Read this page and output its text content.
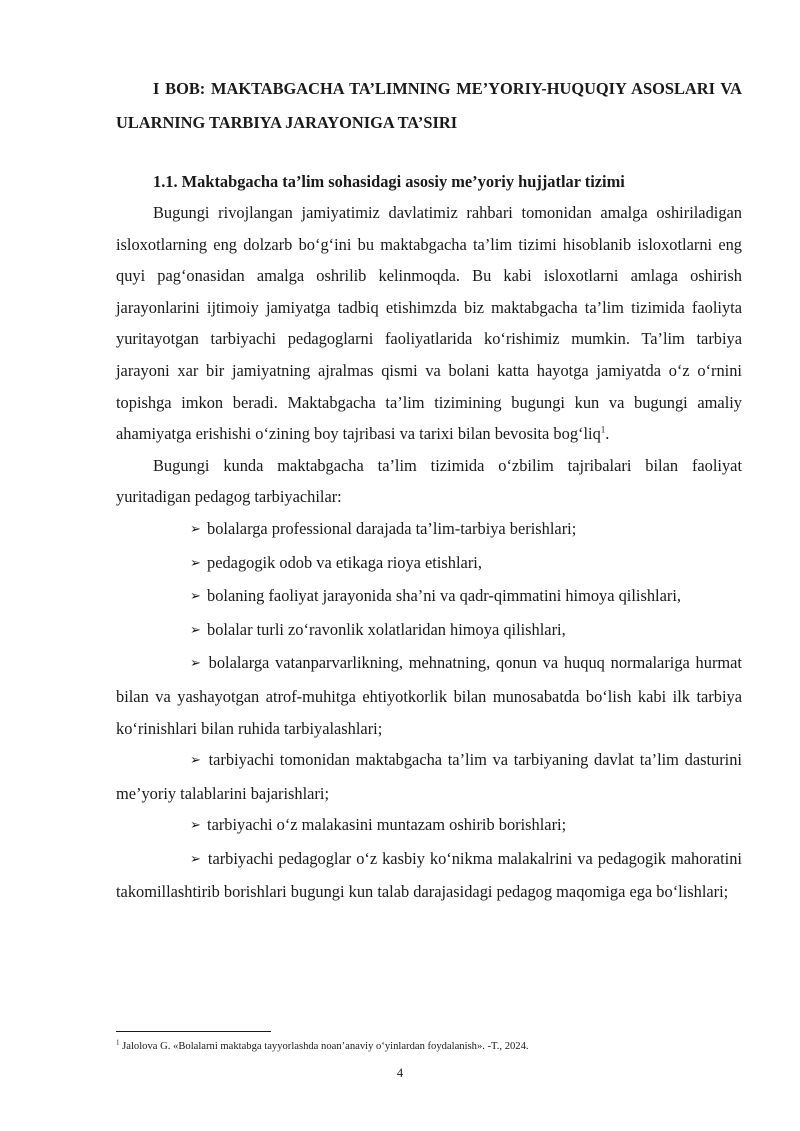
I BOB: MAKTABGACHA TA’LIMNING ME’YORIY-HUQUQIY ASOSLARI VA ULARNING TARBIYA JARAYONIGA TA’SIRI

1.1. Maktabgacha ta’lim sohasidagi asosiy me’yoriy hujjatlar tizimi

Bugungi rivojlangan jamiyatimiz davlatimiz rahbari tomonidan amalga oshiriladigan isloxotlarning eng dolzarb bo‘g‘ini bu maktabgacha ta’lim tizimi hisoblanib isloxotlarni eng quyi pag‘onasidan amalga oshrilib kelinmoqda. Bu kabi isloxotlarni amlaga oshirish jarayonlarini ijtimoiy jamiyatga tadbiq etishimzda biz maktabgacha ta’lim tizimida faoliyta yuritayotgan tarbiyachi pedagoglarni faoliyatlarida ko‘rishimiz mumkin. Ta’lim tarbiya jarayoni xar bir jamiyatning ajralmas qismi va bolani katta hayotga jamiyatda o‘z o‘rnini topishga imkon beradi. Maktabgacha ta’lim tizimining bugungi kun va bugungi amaliy ahamiyatga erishishi o‘zining boy tajribasi va tarixi bilan bevosita bog‘liq$^1$.

Bugungi kunda maktabgacha ta’lim tizimida o‘zbilim tajribalari bilan faoliyat yuritadigan pedagog tarbiyachilar:

➢ bolalarga professional darajada ta’lim-tarbiya berishlari;

➢ pedagogik odob va etikaga rioya etishlari,

➢ bolaning faoliyat jarayonida sha’ni va qadr-qimmatini himoya qilishlari,

➢ bolalar turli zo‘ravonlik xolatlaridan himoya qilishlari,

➢ bolalarga vatanparvarlikning, mehnatning, qonun va huquq normalariga hurmat bilan va yashayotgan atrof-muhitga ehtiyotkorlik bilan munosabatda bo‘lish kabi ilk tarbiya ko‘rinishlari bilan ruhida tarbiyalashlari;

➢ tarbiyachi tomonidan maktabgacha ta’lim va tarbiyaning davlat ta’lim dasturini me’yoriy talablarini bajarishlari;

➢ tarbiyachi o‘z malakasini muntazam oshirib borishlari;

➢ tarbiyachi pedagoglar o‘z kasbiy ko‘nikma malakalrini va pedagogik mahoratini takomillashtirib borishlari bugungi kun talab darajasidagi pedagog maqomiga ega bo‘lishlari;

$^1$ Jalolova G. «Bolalarni maktabga tayyorlashda noan’anaviy o‘yinlardan foydalanish». -T., 2024.
4
